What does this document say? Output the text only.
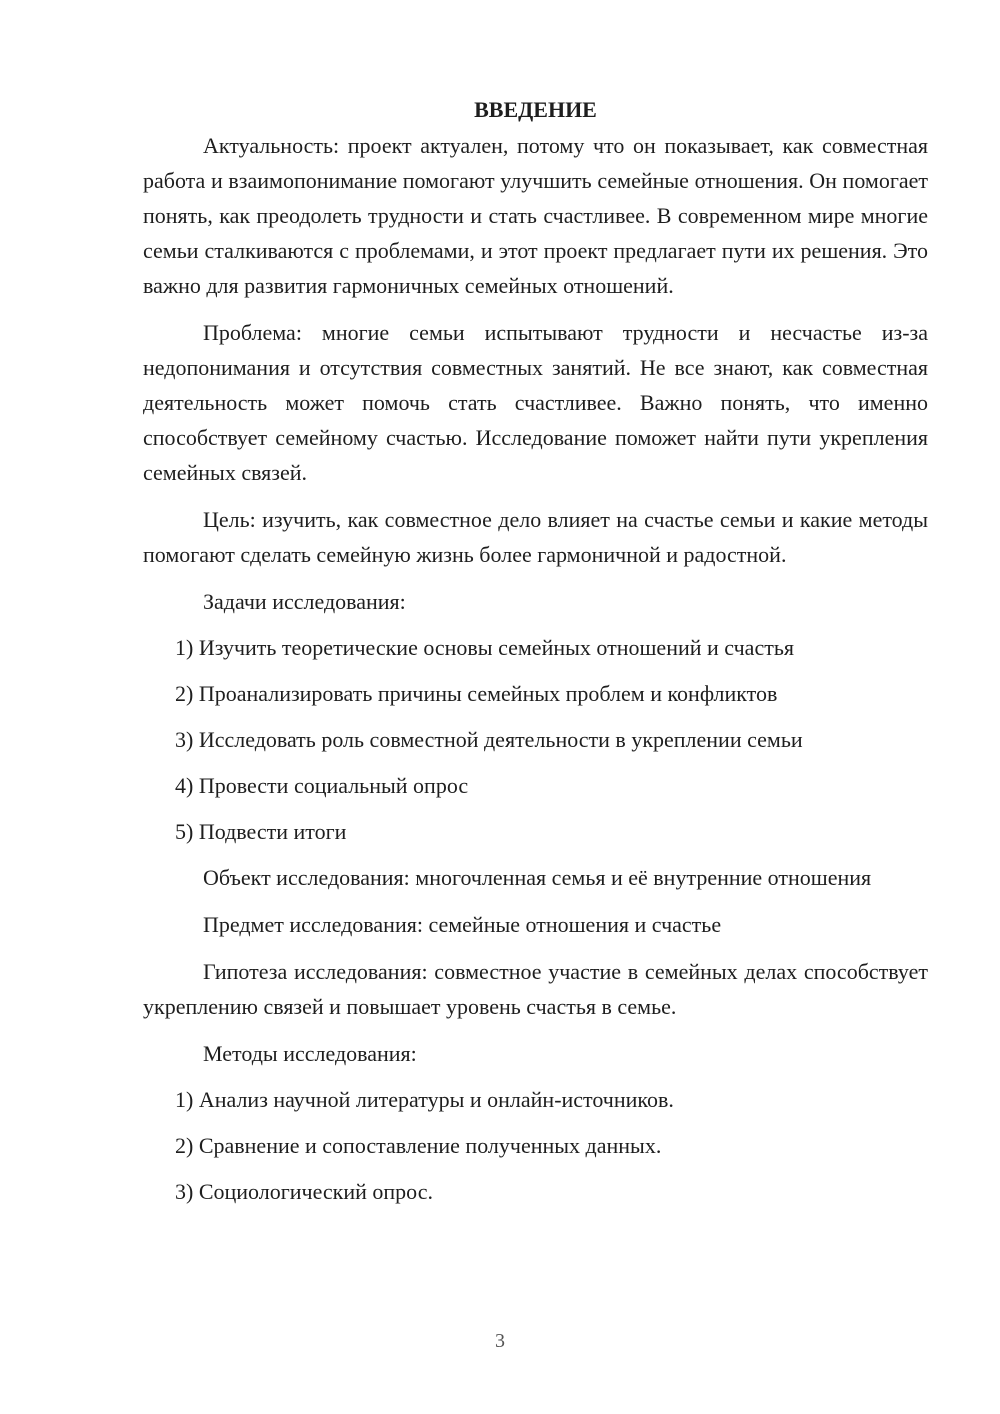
ВВЕДЕНИЕ

Актуальность: проект актуален, потому что он показывает, как совместная работа и взаимопонимание помогают улучшить семейные отношения. Он помогает понять, как преодолеть трудности и стать счастливее. В современном мире многие семьи сталкиваются с проблемами, и этот проект предлагает пути их решения. Это важно для развития гармоничных семейных отношений.

Проблема: многие семьи испытывают трудности и несчастье из-за недопонимания и отсутствия совместных занятий. Не все знают, как совместная деятельность может помочь стать счастливее. Важно понять, что именно способствует семейному счастью. Исследование поможет найти пути укрепления семейных связей.

Цель: изучить, как совместное дело влияет на счастье семьи и какие методы помогают сделать семейную жизнь более гармоничной и радостной.

Задачи исследования:

1) Изучить теоретические основы семейных отношений и счастья

2) Проанализировать причины семейных проблем и конфликтов

3) Исследовать роль совместной деятельности в укреплении семьи

4) Провести социальный опрос

5) Подвести итоги

Объект исследования: многочленная семья и её внутренние отношения

Предмет исследования: семейные отношения и счастье

Гипотеза исследования: совместное участие в семейных делах способствует укреплению связей и повышает уровень счастья в семье.

Методы исследования:

1) Анализ научной литературы и онлайн-источников.

2) Сравнение и сопоставление полученных данных.

3) Социологический опрос.

3
